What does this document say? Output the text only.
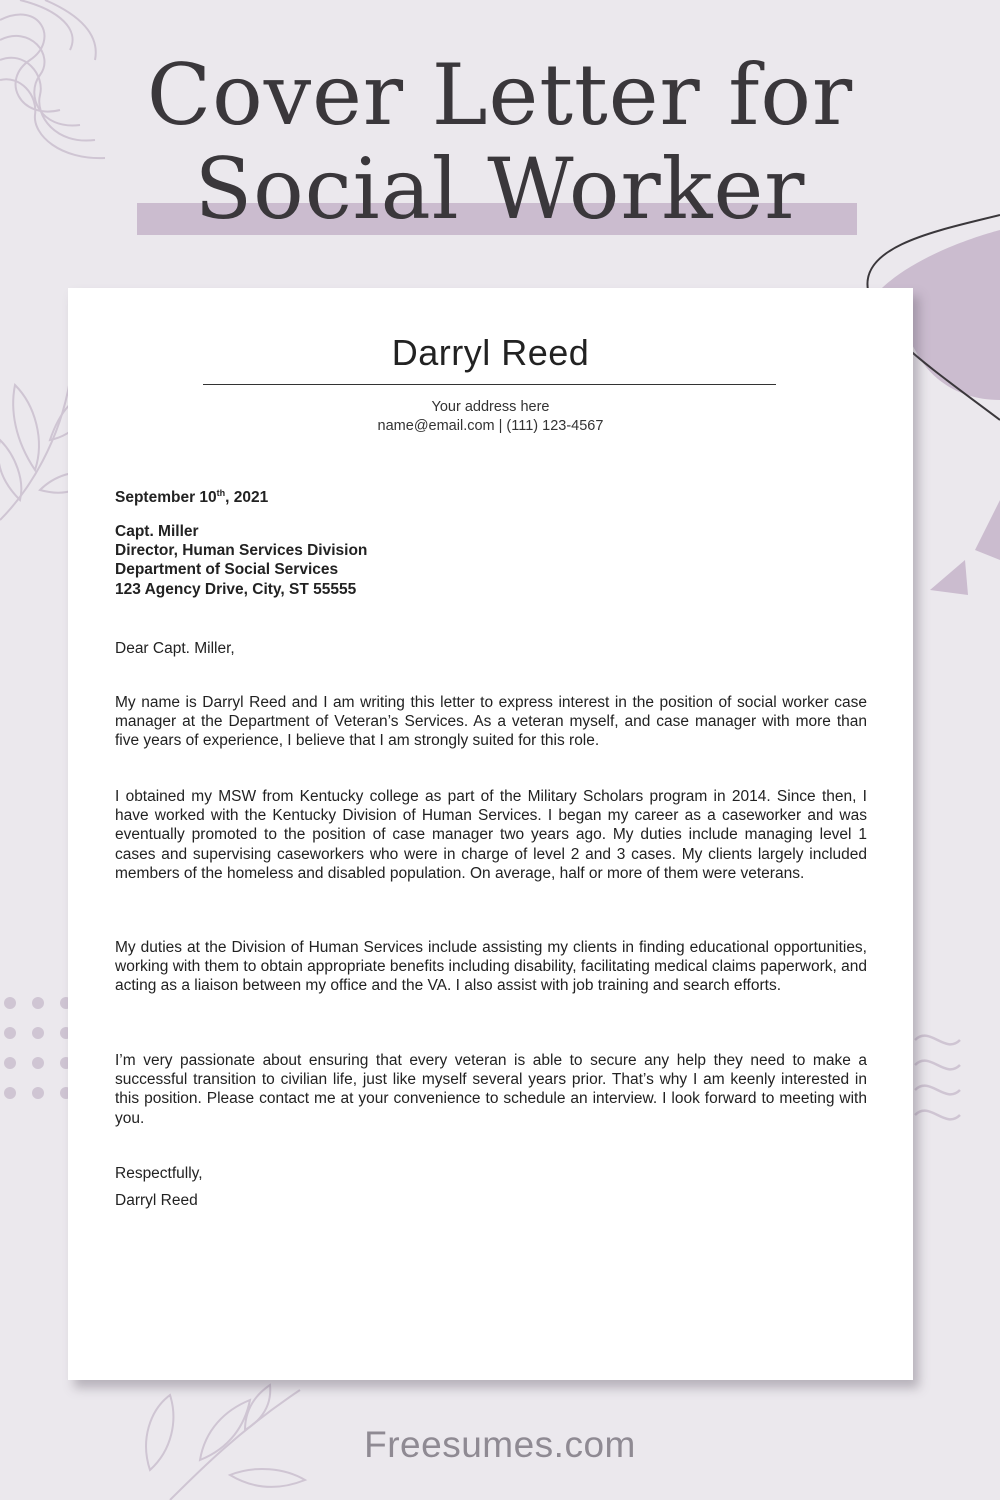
Cover Letter for
Social Worker
Darryl Reed
Your address here
name@email.com | (111) 123-4567
September 10th, 2021
Capt. Miller
Director, Human Services Division
Department of Social Services
123 Agency Drive, City, ST 55555
Dear Capt. Miller,

My name is Darryl Reed and I am writing this letter to express interest in the position of social worker case manager at the Department of Veteran’s Services. As a veteran myself, and case manager with more than five years of experience, I believe that I am strongly suited for this role.

I obtained my MSW from Kentucky college as part of the Military Scholars program in 2014. Since then, I have worked with the Kentucky Division of Human Services. I began my career as a caseworker and was eventually promoted to the position of case manager two years ago. My duties include managing level 1 cases and supervising caseworkers who were in charge of level 2 and 3 cases. My clients largely included members of the homeless and disabled population. On average, half or more of them were veterans.

My duties at the Division of Human Services include assisting my clients in finding educational opportunities, working with them to obtain appropriate benefits including disability, facilitating medical claims paperwork, and acting as a liaison between my office and the VA. I also assist with job training and search efforts.

I’m very passionate about ensuring that every veteran is able to secure any help they need to make a successful transition to civilian life, just like myself several years prior. That’s why I am keenly interested in this position. Please contact me at your convenience to schedule an interview. I look forward to meeting with you.

Respectfully,
Darryl Reed
Freesumes.com
